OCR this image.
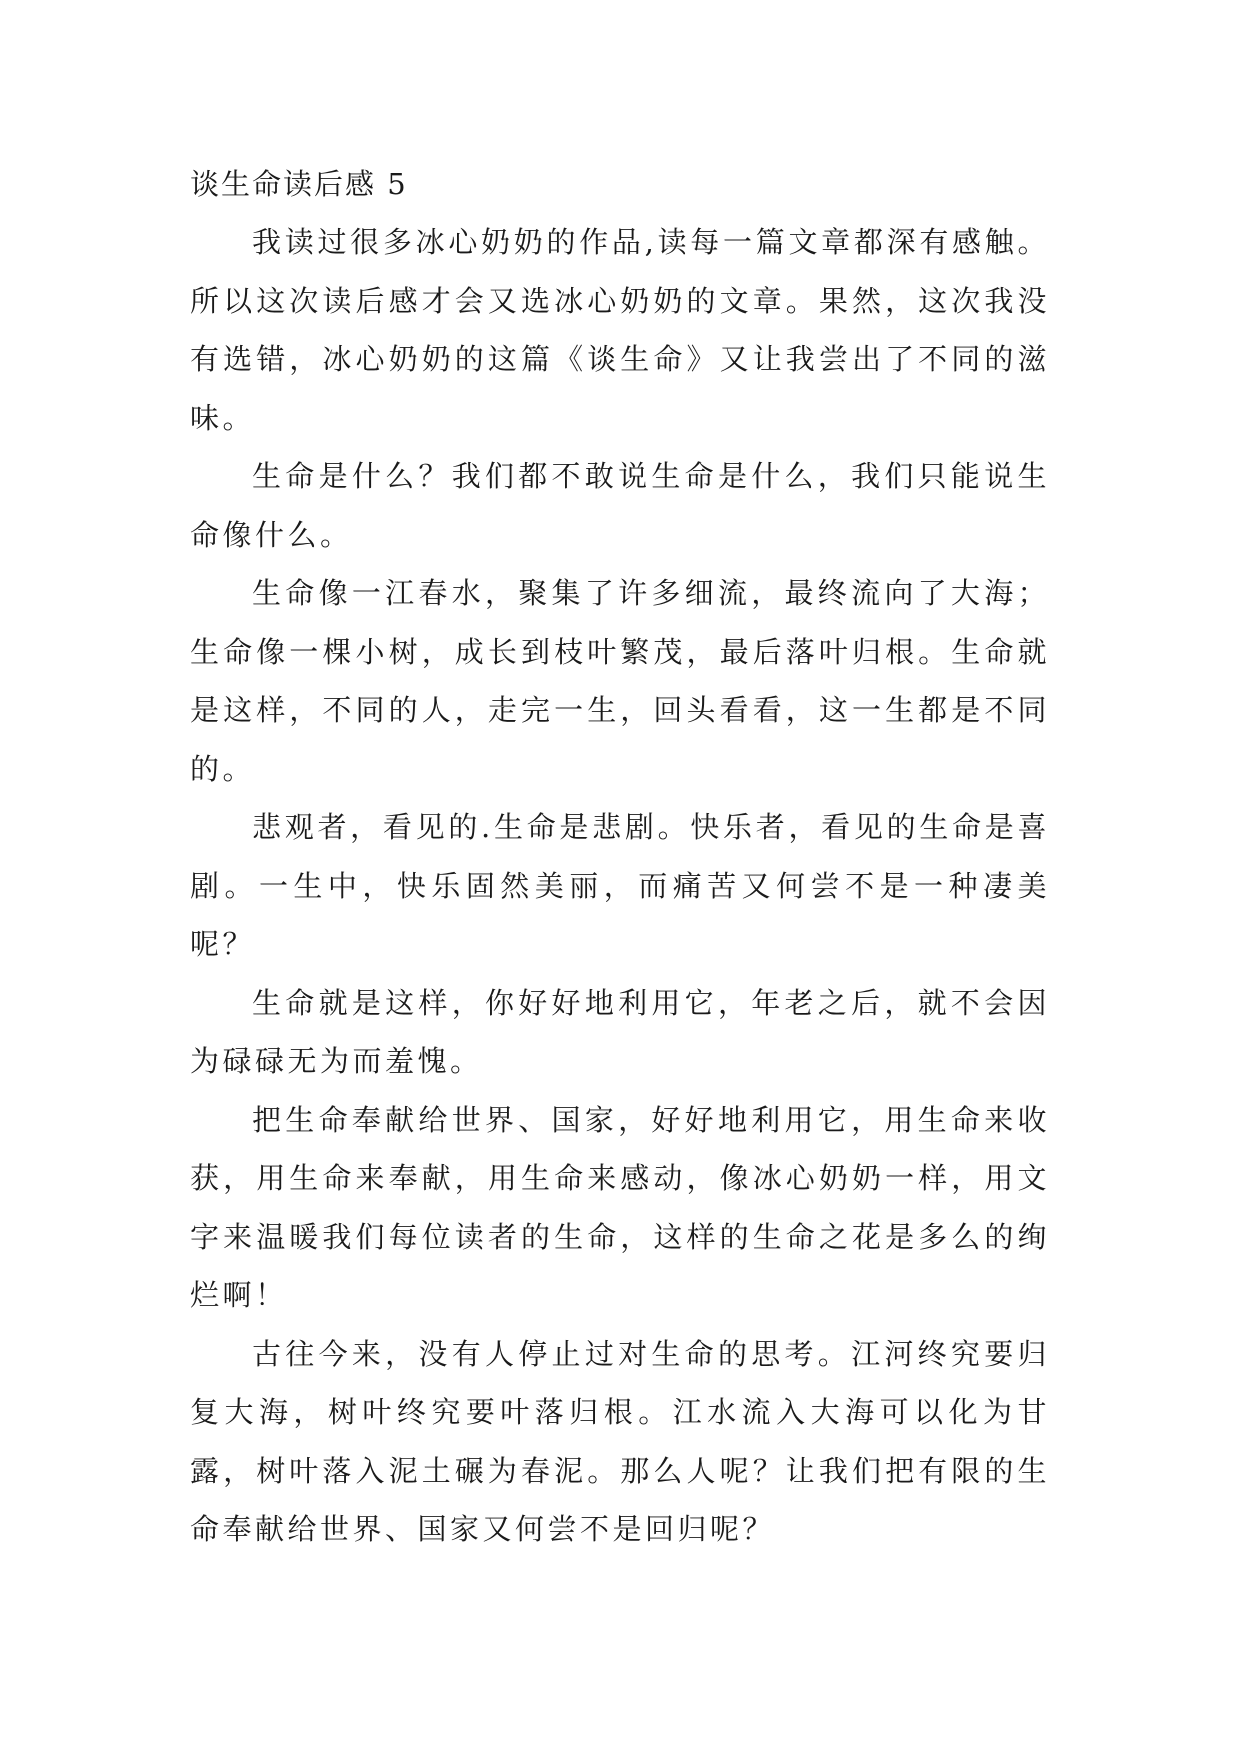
谈生命读后感 5

我读过很多冰心奶奶的作品,读每一篇文章都深有感触。所以这次读后感才会又选冰心奶奶的文章。果然，这次我没有选错，冰心奶奶的这篇《谈生命》又让我尝出了不同的滋味。

生命是什么？我们都不敢说生命是什么，我们只能说生命像什么。

生命像一江春水，聚集了许多细流，最终流向了大海；生命像一棵小树，成长到枝叶繁茂，最后落叶归根。生命就是这样，不同的人，走完一生，回头看看，这一生都是不同的。

悲观者，看见的.生命是悲剧。快乐者，看见的生命是喜剧。一生中，快乐固然美丽，而痛苦又何尝不是一种凄美呢？

生命就是这样，你好好地利用它，年老之后，就不会因为碌碌无为而羞愧。

把生命奉献给世界、国家，好好地利用它，用生命来收获，用生命来奉献，用生命来感动，像冰心奶奶一样，用文字来温暖我们每位读者的生命，这样的生命之花是多么的绚烂啊！

古往今来，没有人停止过对生命的思考。江河终究要归复大海，树叶终究要叶落归根。江水流入大海可以化为甘露，树叶落入泥土碾为春泥。那么人呢？让我们把有限的生命奉献给世界、国家又何尝不是回归呢？
